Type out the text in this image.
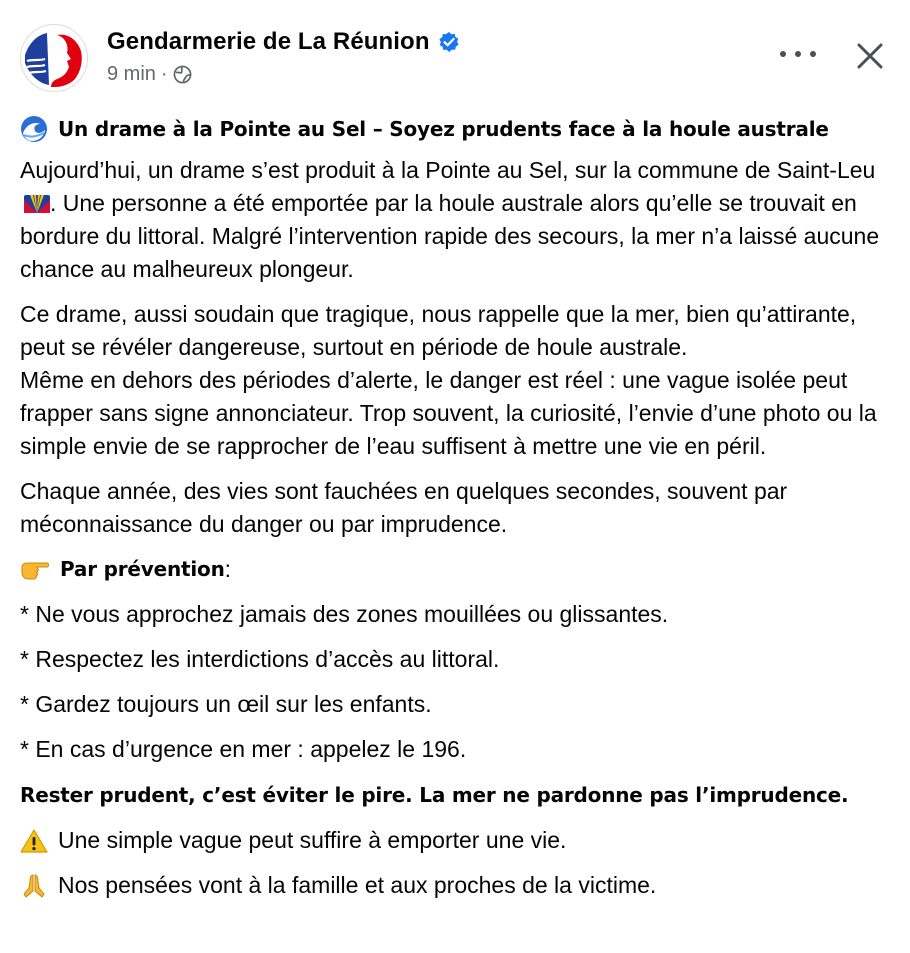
Gendarmerie de La Réunion
9 min ·

Un drame à la Pointe au Sel – Soyez prudents face à la houle australe

Aujourd’hui, un drame s’est produit à la Pointe au Sel, sur la commune de Saint-Leu. Une personne a été emportée par la houle australe alors qu’elle se trouvait en bordure du littoral. Malgré l’intervention rapide des secours, la mer n’a laissé aucune chance au malheureux plongeur.

Ce drame, aussi soudain que tragique, nous rappelle que la mer, bien qu’attirante, peut se révéler dangereuse, surtout en période de houle australe.
Même en dehors des périodes d’alerte, le danger est réel : une vague isolée peut frapper sans signe annonciateur. Trop souvent, la curiosité, l’envie d’une photo ou la simple envie de se rapprocher de l’eau suffisent à mettre une vie en péril.

Chaque année, des vies sont fauchées en quelques secondes, souvent par méconnaissance du danger ou par imprudence.

Par prévention :

* Ne vous approchez jamais des zones mouillées ou glissantes.

* Respectez les interdictions d’accès au littoral.

* Gardez toujours un œil sur les enfants.

* En cas d’urgence en mer : appelez le 196.

Rester prudent, c’est éviter le pire. La mer ne pardonne pas l’imprudence.

Une simple vague peut suffire à emporter une vie.

Nos pensées vont à la famille et aux proches de la victime.
